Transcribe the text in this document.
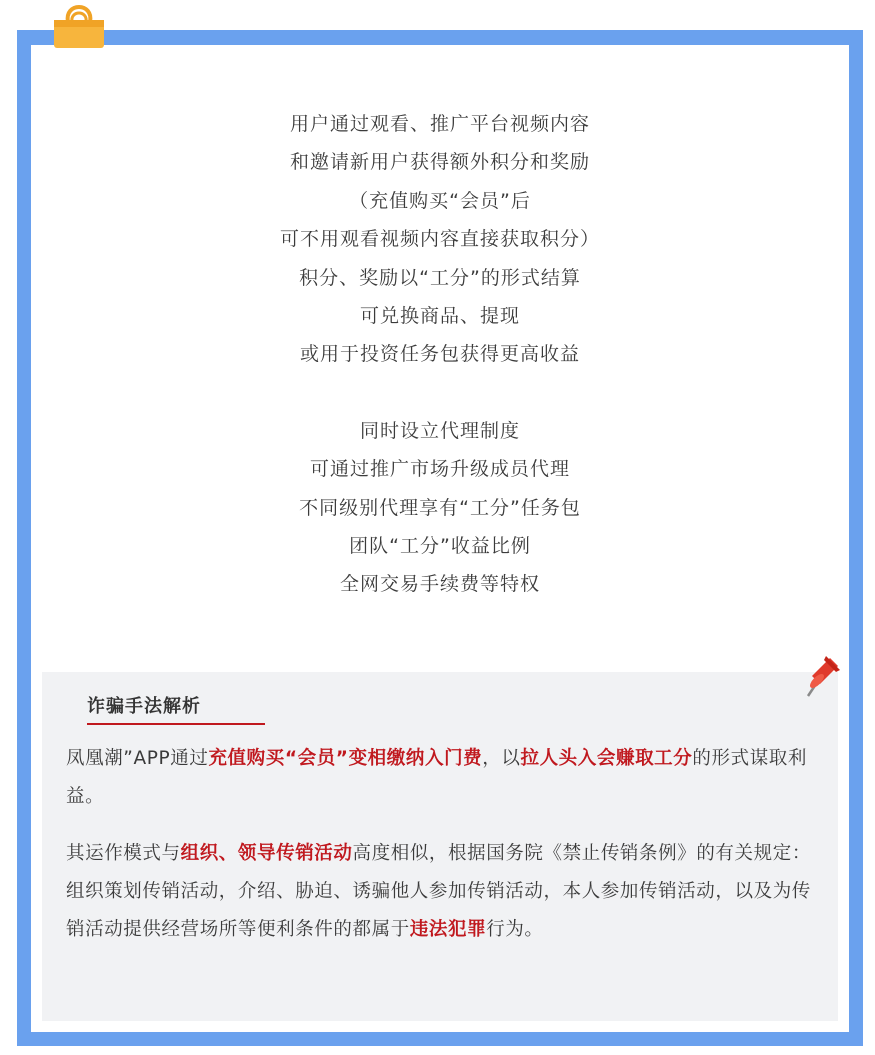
用户通过观看、推广平台视频内容
和邀请新用户获得额外积分和奖励
（充值购买“会员”后
可不用观看视频内容直接获取积分）
积分、奖励以“工分”的形式结算
可兑换商品、提现
或用于投资任务包获得更高收益
同时设立代理制度
可通过推广市场升级成员代理
不同级别代理享有“工分”任务包
团队“工分”收益比例
全网交易手续费等特权
诈骗手法解析
凤凰潮”APP通过充值购买“会员”变相缴纳入门费，以拉人头入会赚取工分的形式谋取利益。
其运作模式与组织、领导传销活动高度相似，根据国务院《禁止传销条例》的有关规定：组织策划传销活动，介绍、胁迫、诱骗他人参加传销活动，本人参加传销活动，以及为传销活动提供经营场所等便利条件的都属于违法犯罪行为。
